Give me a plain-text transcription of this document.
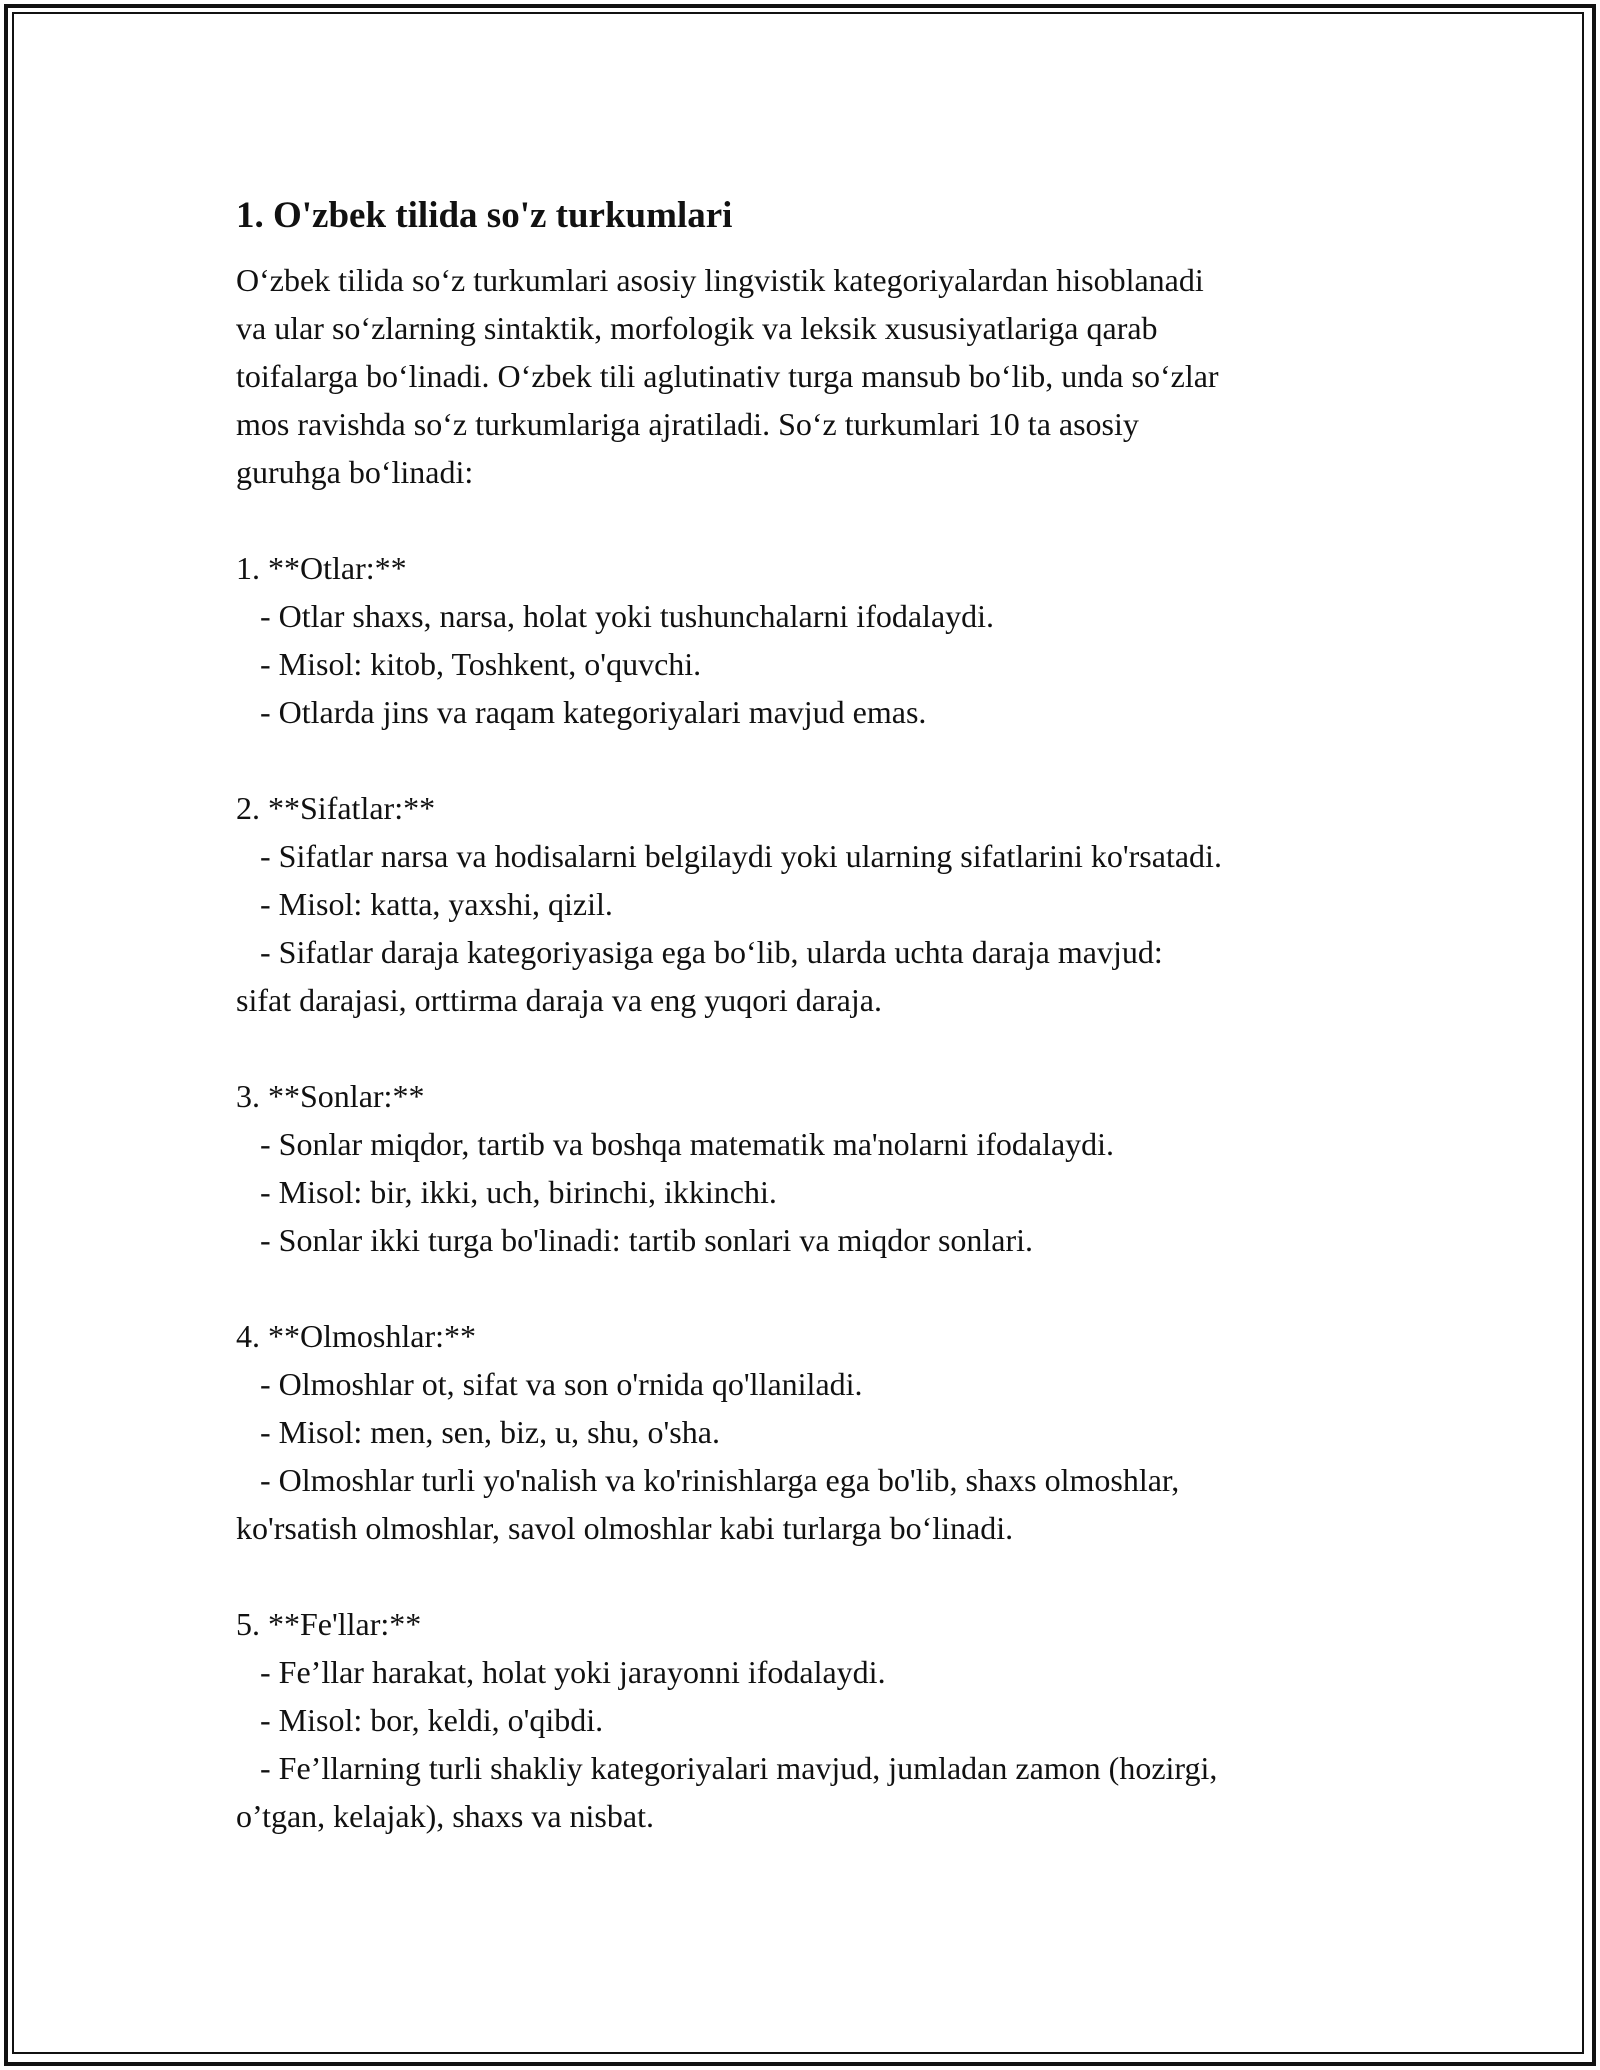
1. O'zbek tilida so'z turkumlari

O‘zbek tilida so‘z turkumlari asosiy lingvistik kategoriyalardan hisoblanadi

va ular so‘zlarning sintaktik, morfologik va leksik xususiyatlariga qarab

toifalarga bo‘linadi. O‘zbek tili aglutinativ turga mansub bo‘lib, unda so‘zlar

mos ravishda so‘z turkumlariga ajratiladi. So‘z turkumlari 10 ta asosiy

guruhga bo‘linadi:

1. **Otlar:**

- Otlar shaxs, narsa, holat yoki tushunchalarni ifodalaydi.

- Misol: kitob, Toshkent, o'quvchi.

- Otlarda jins va raqam kategoriyalari mavjud emas.

2. **Sifatlar:**

- Sifatlar narsa va hodisalarni belgilaydi yoki ularning sifatlarini ko'rsatadi.

- Misol: katta, yaxshi, qizil.

- Sifatlar daraja kategoriyasiga ega bo‘lib, ularda uchta daraja mavjud:

sifat darajasi, orttirma daraja va eng yuqori daraja.

3. **Sonlar:**

- Sonlar miqdor, tartib va boshqa matematik ma'nolarni ifodalaydi.

- Misol: bir, ikki, uch, birinchi, ikkinchi.

- Sonlar ikki turga bo'linadi: tartib sonlari va miqdor sonlari.

4. **Olmoshlar:**

- Olmoshlar ot, sifat va son o'rnida qo'llaniladi.

- Misol: men, sen, biz, u, shu, o'sha.

- Olmoshlar turli yo'nalish va ko'rinishlarga ega bo'lib, shaxs olmoshlar,

ko'rsatish olmoshlar, savol olmoshlar kabi turlarga bo‘linadi.

5. **Fe'llar:**

- Fe’llar harakat, holat yoki jarayonni ifodalaydi.

- Misol: bor, keldi, o'qibdi.

- Fe’llarning turli shakliy kategoriyalari mavjud, jumladan zamon (hozirgi,

o’tgan, kelajak), shaxs va nisbat.
